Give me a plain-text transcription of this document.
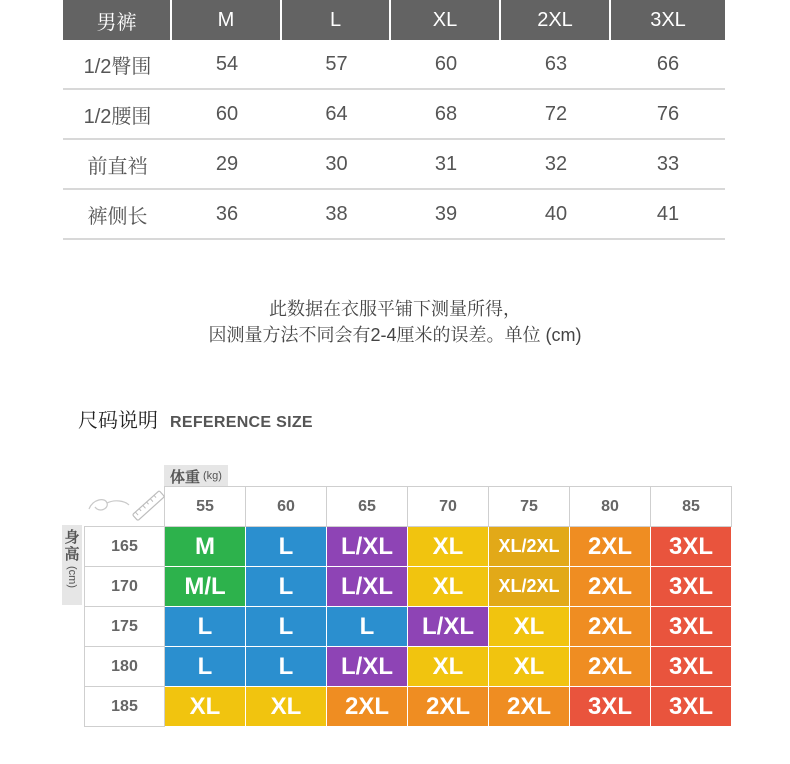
男裤	M	L	XL	2XL	3XL
1/2臀围	54	57	60	63	66
1/2腰围	60	64	68	72	76
前直裆	29	30	31	32	33
裤侧长	36	38	39	40	41
此数据在衣服平铺下测量所得，
因测量方法不同会有2-4厘米的误差。单位 (cm)
尺码说明 REFERENCE SIZE
体重 (kg)
身
高
(cm)
	55	60	65	70	75	80	85
165	M	L	L/XL	XL	XL/2XL	2XL	3XL
170	M/L	L	L/XL	XL	XL/2XL	2XL	3XL
175	L	L	L	L/XL	XL	2XL	3XL
180	L	L	L/XL	XL	XL	2XL	3XL
185	XL	XL	2XL	2XL	2XL	3XL	3XL
